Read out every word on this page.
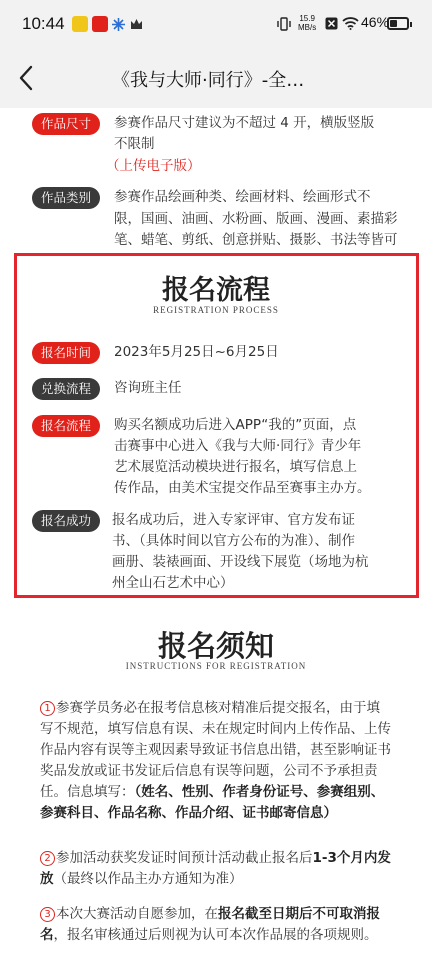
10:44	15.9
MB/s	46%
《我与大师·同行》-全…
作品尺寸	参赛作品尺寸建议为不超过 4 开，横版竖版
不限制
（上传电子版）
作品类别	参赛作品绘画种类、绘画材料、绘画形式不
限，国画、油画、水粉画、版画、漫画、素描彩
笔、蜡笔、剪纸、创意拼贴、摄影、书法等皆可
报名流程
REGISTRATION PROCESS
报名时间	2023年5月25日~6月25日
兑换流程	咨询班主任
报名流程	购买名额成功后进入APP“我的”页面，点
击赛事中心进入《我与大师·同行》青少年
艺术展览活动模块进行报名，填写信息上
传作品，由美术宝提交作品至赛事主办方。
报名成功	报名成功后，进入专家评审、官方发布证
书、（具体时间以官方公布的为准）、制作
画册、装裱画面、开设线下展览（场地为杭
州全山石艺术中心）
报名须知
INSTRUCTIONS FOR REGISTRATION
1 参赛学员务必在报考信息核对精准后提交报名，由于填写不规范，填写信息有误、未在规定时间内上传作品、上传作品内容有误等主观因素导致证书信息出错，甚至影响证书奖品发放或证书发证后信息有误等问题，公司不予承担责任。信息填写：（姓名、性别、作者身份证号、参赛组别、参赛科目、作品名称、作品介绍、证书邮寄信息）
2 参加活动获奖发证时间预计活动截止报名后1-3个月内发放（最终以作品主办方通知为准）
3 本次大赛活动自愿参加，在报名截至日期后不可取消报名，报名审核通过后则视为认可本次作品展的各项规则。
